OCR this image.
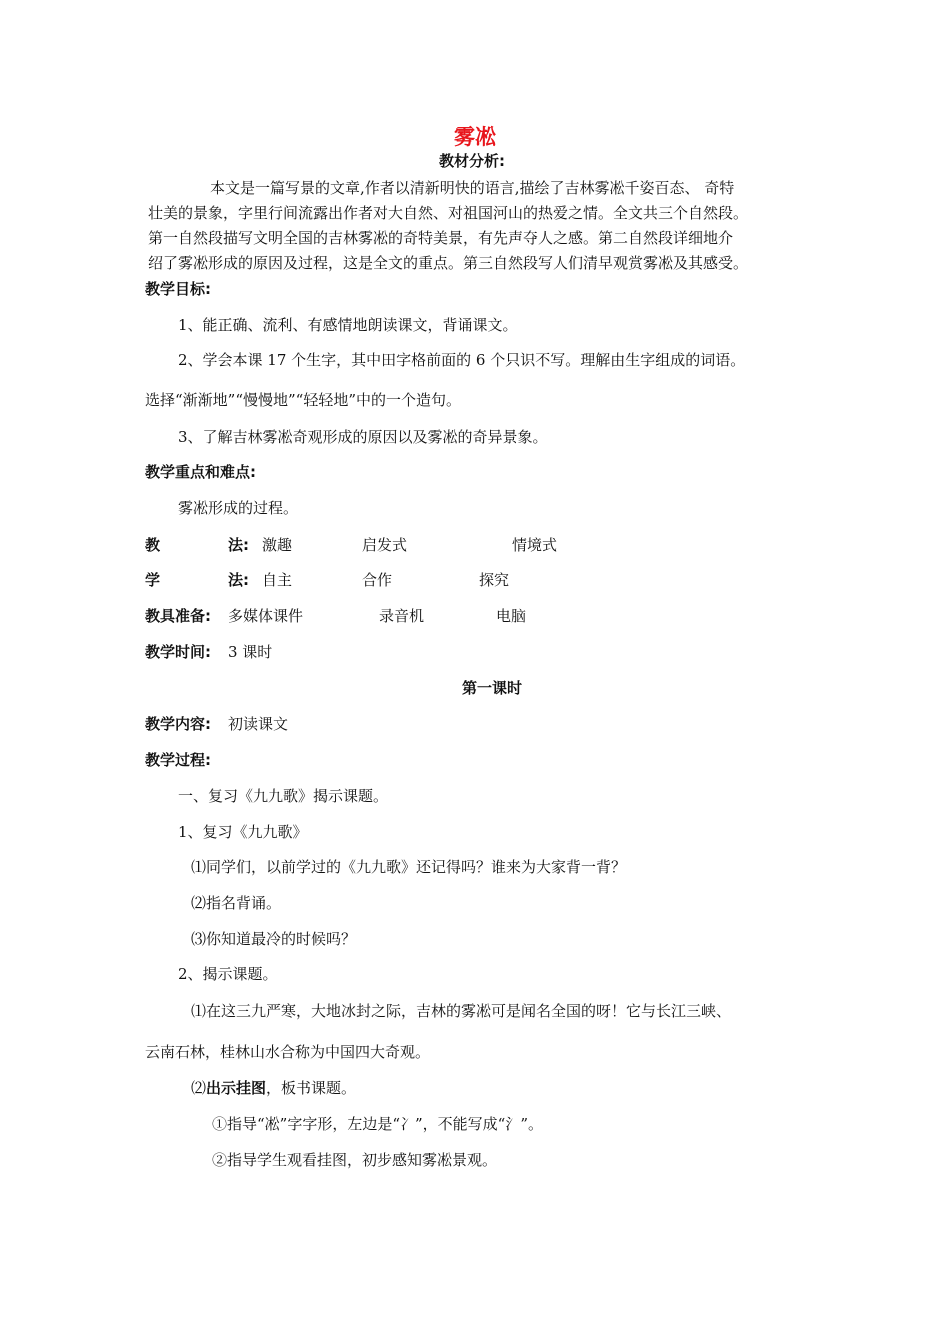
雾凇
教材分析:
本文是一篇写景的文章,作者以清新明快的语言,描绘了吉林雾凇千姿百态、 奇特
壮美的景象，字里行间流露出作者对大自然、对祖国河山的热爱之情。全文共三个自然段。
第一自然段描写文明全国的吉林雾凇的奇特美景，有先声夺人之感。第二自然段详细地介
绍了雾凇形成的原因及过程，这是全文的重点。第三自然段写人们清早观赏雾凇及其感受。
教学目标:
1、能正确、流利、有感情地朗读课文，背诵课文。
2、学会本课 17 个生字，其中田字格前面的 6 个只识不写。理解由生字组成的词语。
选择“渐渐地”“慢慢地”“轻轻地”中的一个造句。
3、了解吉林雾凇奇观形成的原因以及雾凇的奇异景象。
教学重点和难点:
雾凇形成的过程。
教	法: 激趣	启发式	情境式
学	法: 自主	合作	探究
教具准备: 多媒体课件	录音机	电脑
教学时间: 3 课时
第一课时
教学内容: 初读课文
教学过程:
一、复习《九九歌》揭示课题。
1、复习《九九歌》
⑴同学们，以前学过的《九九歌》还记得吗？谁来为大家背一背？
⑵指名背诵。
⑶你知道最冷的时候吗？
2、揭示课题。
⑴在这三九严寒，大地冰封之际，吉林的雾凇可是闻名全国的呀！它与长江三峡、
云南石林，桂林山水合称为中国四大奇观。
⑵出示挂图，板书课题。
①指导“凇”字字形，左边是“冫”，不能写成“氵”。
②指导学生观看挂图，初步感知雾凇景观。
